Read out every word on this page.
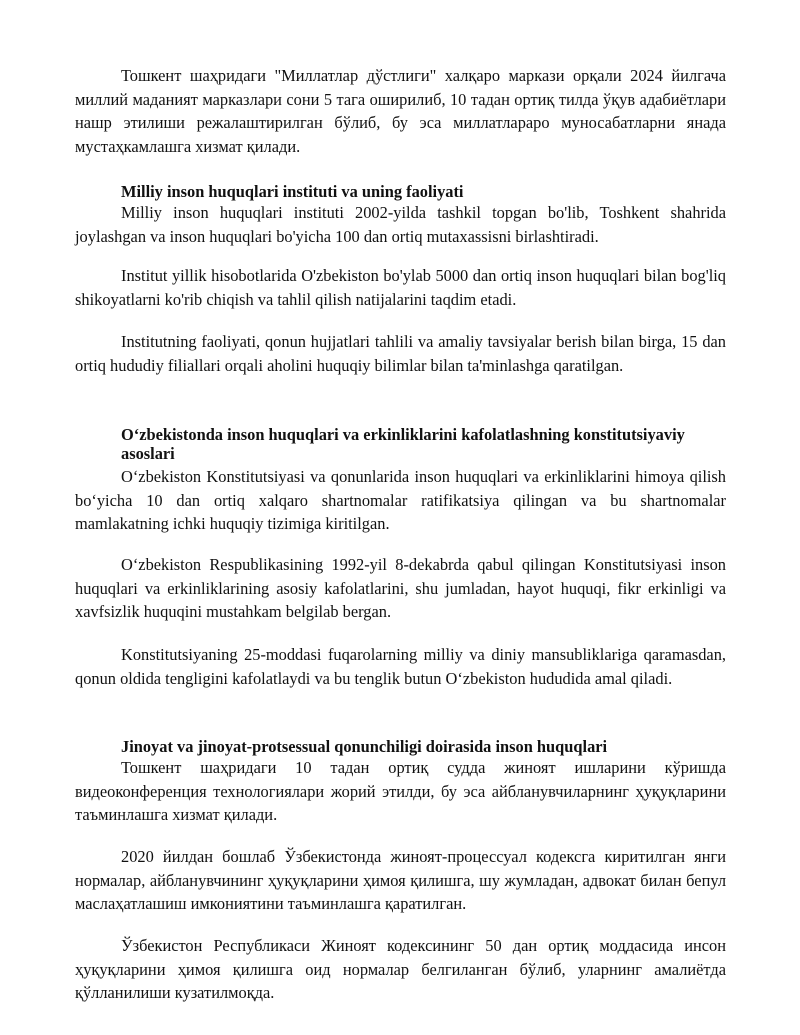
Тошкент шаҳридаги "Миллатлар дўстлиги" халқаро маркази орқали 2024 йилгача миллий маданият марказлари сони 5 тага оширилиб, 10 тадан ортиқ тилда ўқув адабиётлари нашр этилиши режалаштирилган бўлиб, бу эса миллатлараро муносабатларни янада мустаҳкамлашга хизмат қилади.

Milliy inson huquqlari instituti va uning faoliyati

Milliy inson huquqlari instituti 2002-yilda tashkil topgan bo'lib, Toshkent shahrida joylashgan va inson huquqlari bo'yicha 100 dan ortiq mutaxassisni birlashtiradi.

Institut yillik hisobotlarida O'zbekiston bo'ylab 5000 dan ortiq inson huquqlari bilan bog'liq shikoyatlarni ko'rib chiqish va tahlil qilish natijalarini taqdim etadi.

Institutning faoliyati, qonun hujjatlari tahlili va amaliy tavsiyalar berish bilan birga, 15 dan ortiq hududiy filiallari orqali aholini huquqiy bilimlar bilan ta'minlashga qaratilgan.

O‘zbekistonda inson huquqlari va erkinliklarini kafolatlashning konstitutsiyaviy asoslari

O‘zbekiston Konstitutsiyasi va qonunlarida inson huquqlari va erkinliklarini himoya qilish bo‘yicha 10 dan ortiq xalqaro shartnomalar ratifikatsiya qilingan va bu shartnomalar mamlakatning ichki huquqiy tizimiga kiritilgan.

O‘zbekiston Respublikasining 1992-yil 8-dekabrda qabul qilingan Konstitutsiyasi inson huquqlari va erkinliklarining asosiy kafolatlarini, shu jumladan, hayot huquqi, fikr erkinligi va xavfsizlik huquqini mustahkam belgilab bergan.

Konstitutsiyaning 25-moddasi fuqarolarning milliy va diniy mansubliklariga qaramasdan, qonun oldida tengligini kafolatlaydi va bu tenglik butun O‘zbekiston hududida amal qiladi.

Jinoyat va jinoyat-protsessual qonunchiligi doirasida inson huquqlari

Тошкент шаҳридаги 10 тадан ортиқ судда жиноят ишларини кўришда видеоконференция технологиялари жорий этилди, бу эса айбланувчиларнинг ҳуқуқларини таъминлашга хизмат қилади.

2020 йилдан бошлаб Ўзбекистонда жиноят-процессуал кодексга киритилган янги нормалар, айбланувчининг ҳуқуқларини ҳимоя қилишга, шу жумладан, адвокат билан бепул маслаҳатлашиш имкониятини таъминлашга қаратилган.

Ўзбекистон Республикаси Жиноят кодексининг 50 дан ортиқ моддасида инсон ҳуқуқларини ҳимоя қилишга оид нормалар белгиланган бўлиб, уларнинг амалиётда қўлланилиши кузатилмоқда.
